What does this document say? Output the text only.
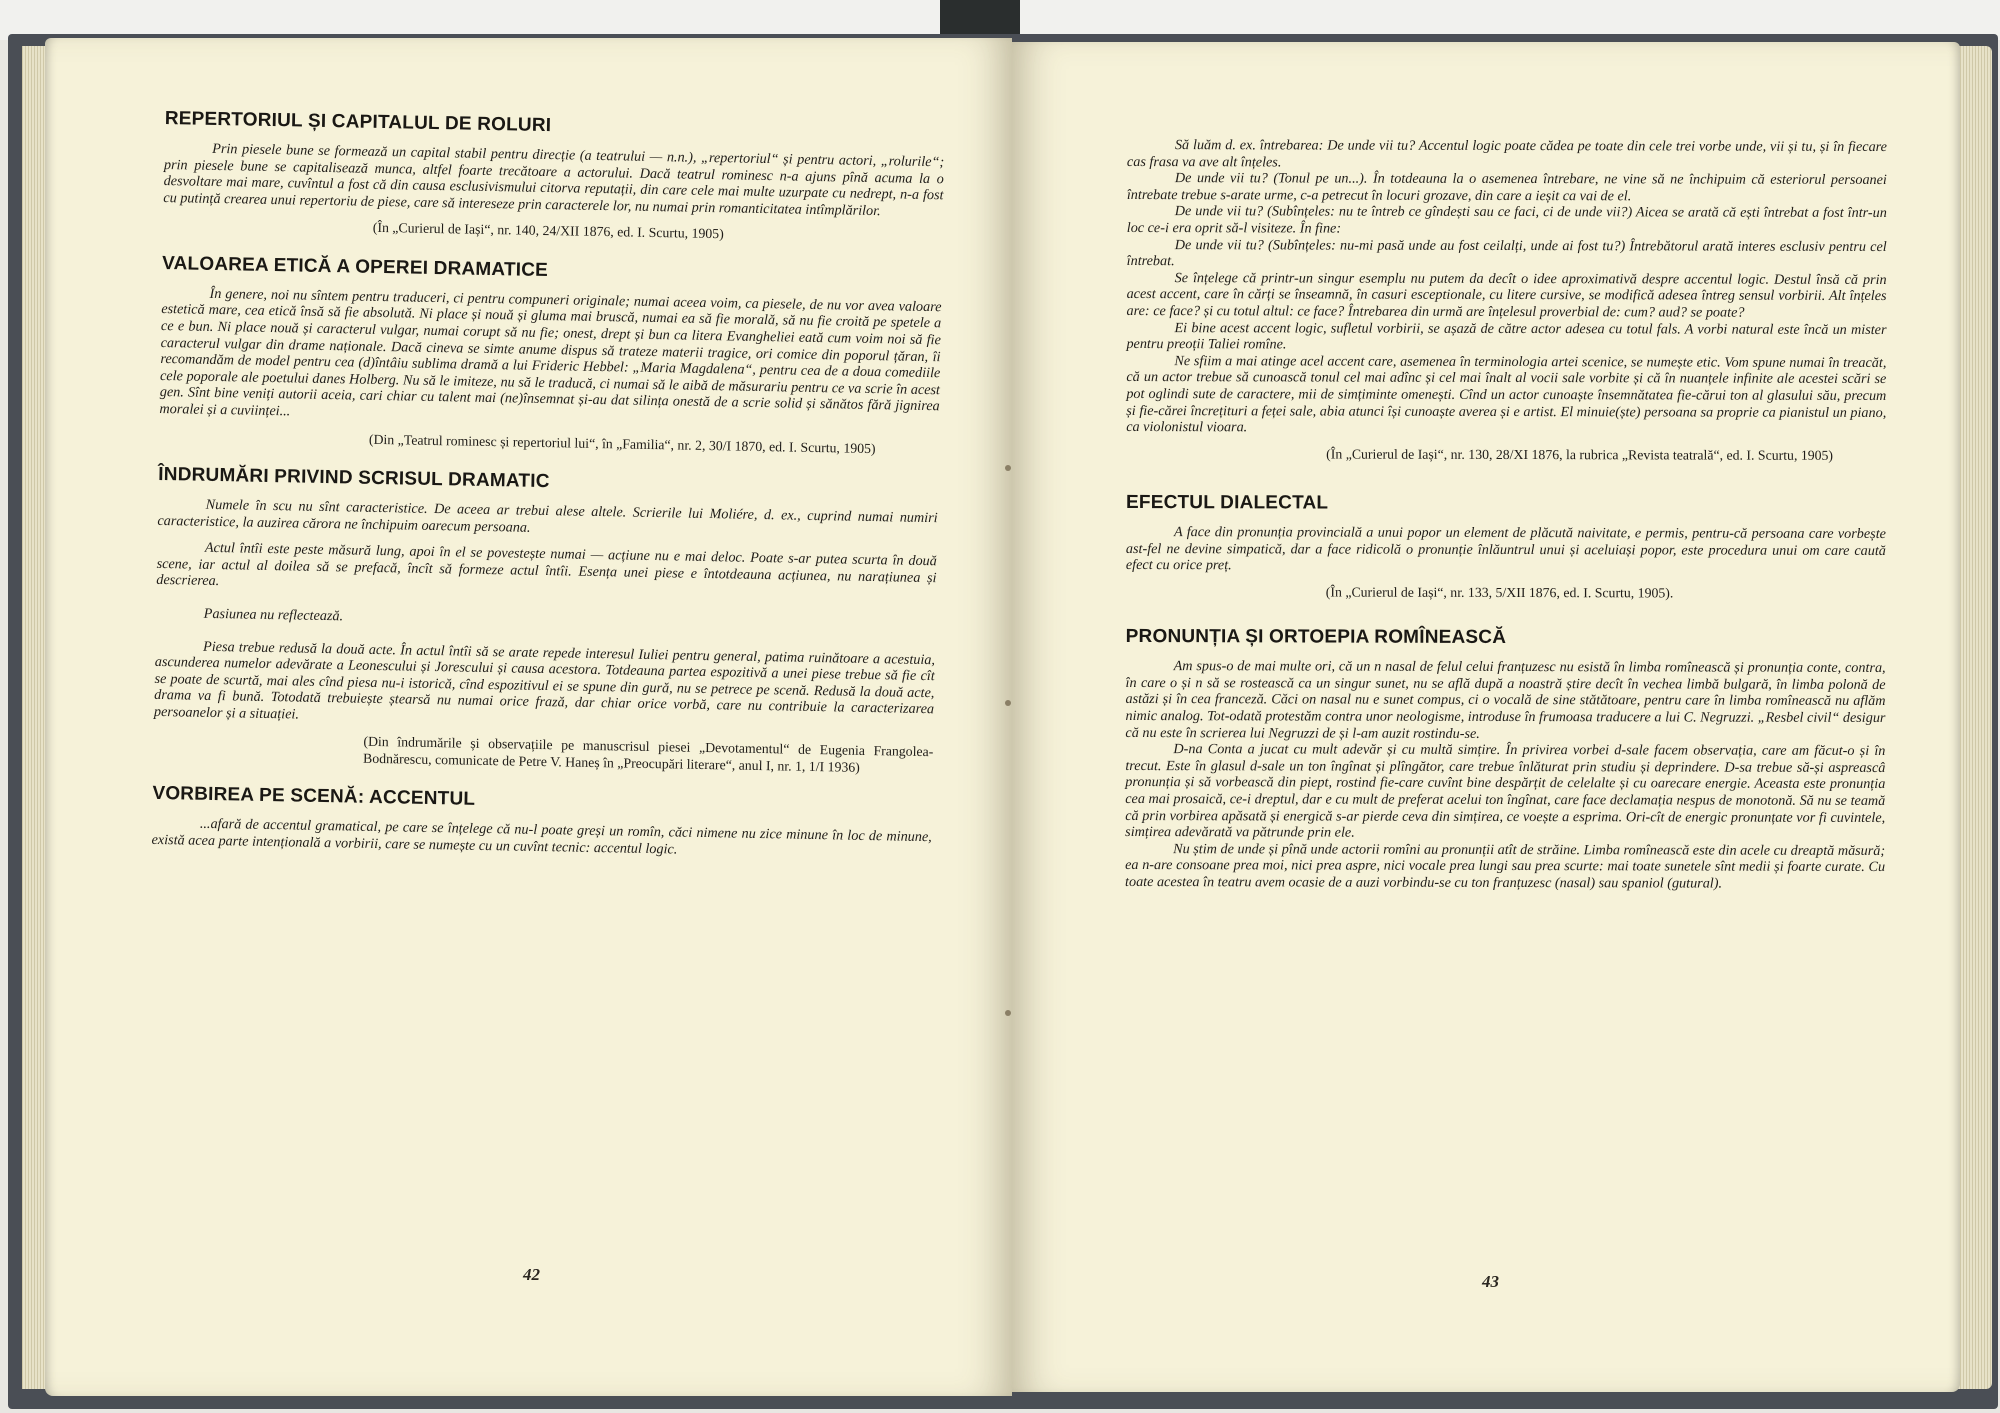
REPERTORIUL ȘI CAPITALUL DE ROLURI

Prin piesele bune se formează un capital stabil pentru direcție (a teatrului — n.n.), „repertoriul“ și pentru actori, „rolurile“; prin piesele bune se capitalisează munca, altfel foarte trecătoare a actorului. Dacă teatrul rominesc n-a ajuns pînă acuma la o desvoltare mai mare, cuvîntul a fost că din causa esclusivismului citorva reputații, din care cele mai multe uzurpate cu nedrept, n-a fost cu putință crearea unui repertoriu de piese, care să intereseze prin caracterele lor, nu numai prin romanticitatea intîmplărilor.

(În „Curierul de Iași“, nr. 140, 24/XII 1876, ed. I. Scurtu, 1905)

VALOAREA ETICĂ A OPEREI DRAMATICE

În genere, noi nu sîntem pentru traduceri, ci pentru compuneri originale; numai aceea voim, ca piesele, de nu vor avea valoare estetică mare, cea etică însă să fie absolută. Ni place și nouă și gluma mai bruscă, numai ea să fie morală, să nu fie croită pe spetele a ce e bun. Ni place nouă și caracterul vulgar, numai corupt să nu fie; onest, drept și bun ca litera Evangheliei eată cum voim noi să fie caracterul vulgar din drame naționale. Dacă cineva se simte anume dispus să trateze materii tragice, ori comice din poporul țăran, îi recomandăm de model pentru cea (d)întâiu sublima dramă a lui Frideric Hebbel: „Maria Magdalena“, pentru cea de a doua comediile cele poporale ale poetului danes Holberg. Nu să le imiteze, nu să le traducă, ci numai să le aibă de măsurariu pentru ce va scrie în acest gen. Sînt bine veniți autorii aceia, cari chiar cu talent mai (ne)însemnat și-au dat silința onestă de a scrie solid și sănătos fără jignirea moralei și a cuviinței...

(Din „Teatrul rominesc și repertoriul lui“, în „Familia“, nr. 2, 30/I 1870, ed. I. Scurtu, 1905)

ÎNDRUMĂRI PRIVIND SCRISUL DRAMATIC

Numele în scu nu sînt caracteristice. De aceea ar trebui alese altele. Scrierile lui Moliére, d. ex., cuprind numai numiri caracteristice, la auzirea cărora ne închipuim oarecum persoana.

Actul întîi este peste măsură lung, apoi în el se povestește numai — acțiune nu e mai deloc. Poate s-ar putea scurta în două scene, iar actul al doilea să se prefacă, încît să formeze actul întîi. Esența unei piese e întotdeauna acțiunea, nu narațiunea și descrierea.

Pasiunea nu reflectează.

Piesa trebue redusă la două acte. În actul întîi să se arate repede interesul Iuliei pentru general, patima ruinătoare a acestuia, ascunderea numelor adevărate a Leonescului și Jorescului și causa acestora. Totdeauna partea espozitivă a unei piese trebue să fie cît se poate de scurtă, mai ales cînd piesa nu-i istorică, cînd espozitivul ei se spune din gură, nu se petrece pe scenă. Redusă la două acte, drama va fi bună. Totodată trebuiește ștearsă nu numai orice frază, dar chiar orice vorbă, care nu contribuie la caracterizarea persoanelor și a situației.

(Din îndrumările și observațiile pe manuscrisul piesei „Devotamentul“ de Eugenia Frangolea-Bodnărescu, comunicate de Petre V. Haneș în „Preocupări literare“, anul I, nr. 1, 1/I 1936)

VORBIREA PE SCENĂ: ACCENTUL

...afară de accentul gramatical, pe care se înțelege că nu-l poate greși un romîn, căci nimene nu zice minune în loc de minune, există acea parte intențională a vorbirii, care se numește cu un cuvînt tecnic: accentul logic.

42

Să luăm d. ex. întrebarea: De unde vii tu? Accentul logic poate cădea pe toate din cele trei vorbe unde, vii și tu, și în fiecare cas frasa va ave alt înțeles.

De unde vii tu? (Tonul pe un...). În totdeauna la o asemenea întrebare, ne vine să ne închipuim că esteriorul persoanei întrebate trebue s-arate urme, c-a petrecut în locuri grozave, din care a ieșit ca vai de el.

De unde vii tu? (Subînțeles: nu te întreb ce gîndești sau ce faci, ci de unde vii?) Aicea se arată că ești întrebat a fost într-un loc ce-i era oprit să-l visiteze. În fine:

De unde vii tu? (Subînțeles: nu-mi pasă unde au fost ceilalți, unde ai fost tu?) Întrebătorul arată interes esclusiv pentru cel întrebat.

Se înțelege că printr-un singur esemplu nu putem da decît o idee aproximativă despre accentul logic. Destul însă că prin acest accent, care în cărți se înseamnă, în casuri esceptionale, cu litere cursive, se modifică adesea întreg sensul vorbirii. Alt înțeles are: ce face? și cu totul altul: ce face? Întrebarea din urmă are înțelesul proverbial de: cum? aud? se poate?

Ei bine acest accent logic, sufletul vorbirii, se așază de către actor adesea cu totul fals. A vorbi natural este încă un mister pentru preoții Taliei romîne.

Ne sfiim a mai atinge acel accent care, asemenea în terminologia artei scenice, se numește etic. Vom spune numai în treacăt, că un actor trebue să cunoască tonul cel mai adînc și cel mai înalt al vocii sale vorbite și că în nuanțele infinite ale acestei scări se pot oglindi sute de caractere, mii de simțiminte omenești. Cînd un actor cunoaște însemnătatea fie-cărui ton al glasului său, precum și fie-cărei încrețituri a feței sale, abia atunci își cunoaște averea și e artist. El minuie(ște) persoana sa proprie ca pianistul un piano, ca violonistul vioara.

(În „Curierul de Iași“, nr. 130, 28/XI 1876, la rubrica „Revista teatrală“, ed. I. Scurtu, 1905)

EFECTUL DIALECTAL

A face din pronunția provincială a unui popor un element de plăcută naivitate, e permis, pentru-că persoana care vorbește ast-fel ne devine simpatică, dar a face ridicolă o pronunție înlăuntrul unui și aceluiași popor, este procedura unui om care caută efect cu orice preț.

(În „Curierul de Iași“, nr. 133, 5/XII 1876, ed. I. Scurtu, 1905).

PRONUNȚIA ȘI ORTOEPIA ROMÎNEASCĂ

Am spus-o de mai multe ori, că un n nasal de felul celui franțuzesc nu esistă în limba romînească și pronunția conte, contra, în care o și n să se rostească ca un singur sunet, nu se află după a noastră știre decît în vechea limbă bulgară, în limba polonă de astăzi și în cea franceză. Căci on nasal nu e sunet compus, ci o vocală de sine stătătoare, pentru care în limba romînească nu aflăm nimic analog. Tot-odată protestăm contra unor neologisme, introduse în frumoasa traducere a lui C. Negruzzi. „Resbel civil“ desigur că nu este în scrierea lui Negruzzi de și l-am auzit rostindu-se.

D-na Conta a jucat cu mult adevăr și cu multă simțire. În privirea vorbei d-sale facem observația, care am făcut-o și în trecut. Este în glasul d-sale un ton îngînat și plîngător, care trebue înlăturat prin studiu și deprindere. D-sa trebue să-și aspreascâ pronunția și să vorbească din piept, rostind fie-care cuvînt bine despărțit de celelalte și cu oarecare energie. Aceasta este pronunția cea mai prosaică, ce-i dreptul, dar e cu mult de preferat acelui ton îngînat, care face declamația nespus de monotonă. Să nu se teamă că prin vorbirea apăsată și energică s-ar pierde ceva din simțirea, ce voește a esprima. Ori-cît de energic pronunțate vor fi cuvintele, simțirea adevărată va pătrunde prin ele.

Nu știm de unde și pînă unde actorii romîni au pronunții atît de străine. Limba romînească este din acele cu dreaptă măsură; ea n-are consoane prea moi, nici prea aspre, nici vocale prea lungi sau prea scurte: mai toate sunetele sînt medii și foarte curate. Cu toate acestea în teatru avem ocasie de a auzi vorbindu-se cu ton franțuzesc (nasal) sau spaniol (gutural).

43
